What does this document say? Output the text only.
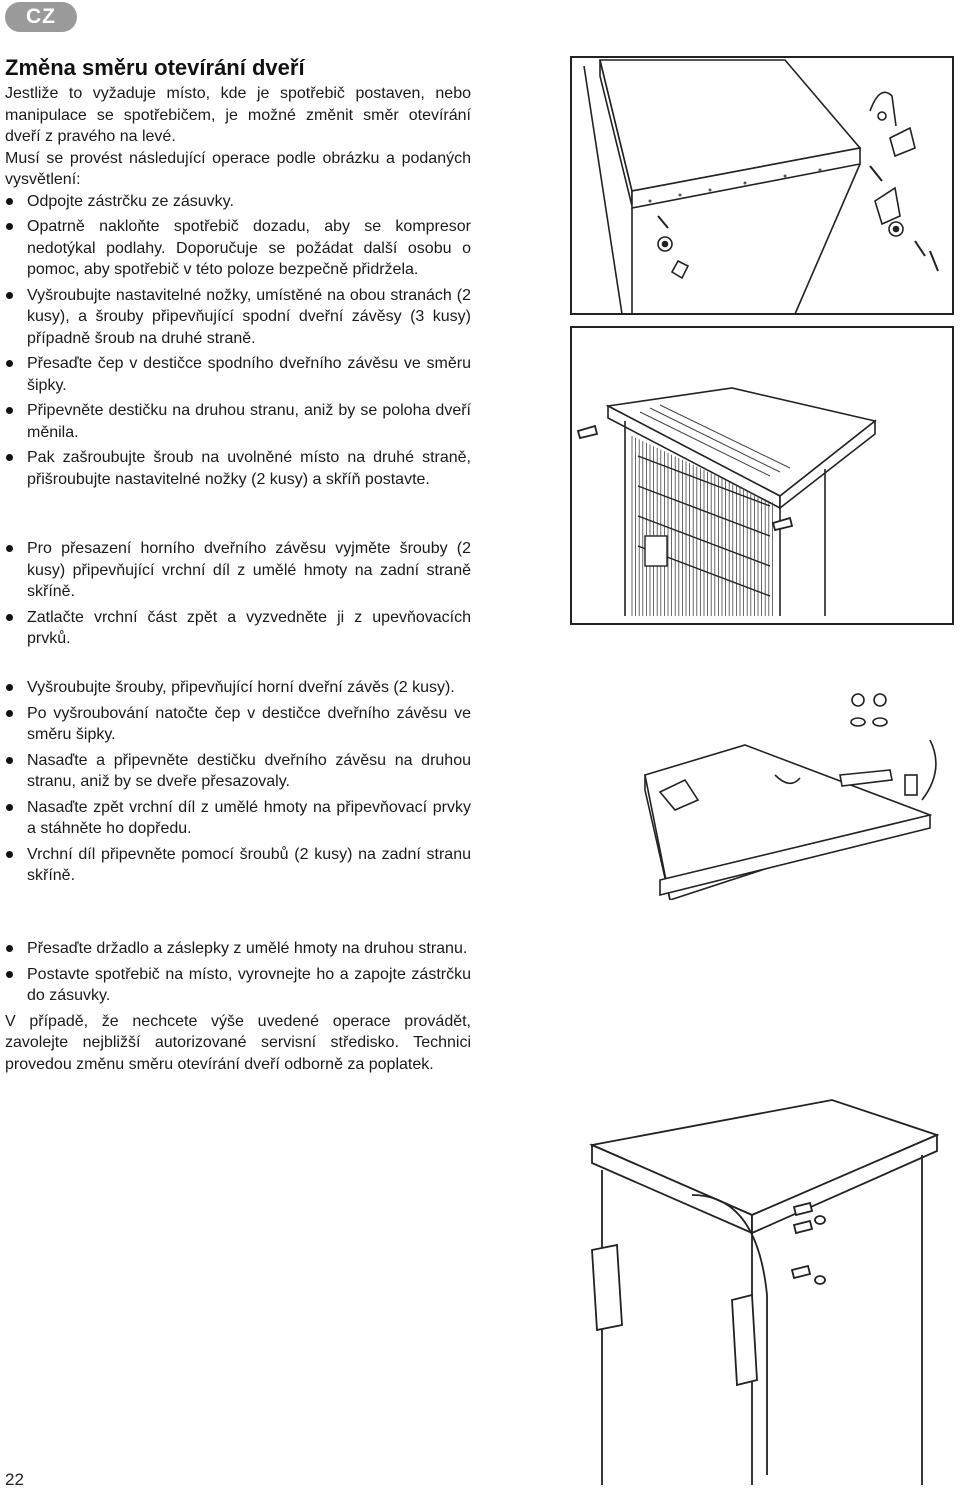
CZ
Změna směru otevírání dveří

Jestliže to vyžaduje místo, kde je spotřebič postaven, nebo manipulace se spotřebičem, je možné změnit směr otevírání dveří z pravého na levé.

Musí se provést následující operace podle obrázku a podaných vysvětlení:

Odpojte zástrčku ze zásuvky.
Opatrně nakloňte spotřebič dozadu, aby se kompresor nedotýkal podlahy. Doporučuje se požádat další osobu o pomoc, aby spotřebič v této poloze bezpečně přidržela.
Vyšroubujte nastavitelné nožky, umístěné na obou stranách (2 kusy), a šrouby připevňující spodní dveřní závěsy (3 kusy) případně šroub na druhé straně.
Přesaďte čep v destičce spodního dveřního závěsu ve směru šipky.
Připevněte destičku na druhou stranu, aniž by se poloha dveří měnila.
Pak zašroubujte šroub na uvolněné místo na druhé straně, přišroubujte nastavitelné nožky (2 kusy) a skříň postavte.
Pro přesazení horního dveřního závěsu vyjměte šrouby (2 kusy) připevňující vrchní díl z umělé hmoty na zadní straně skříně.
Zatlačte vrchní část zpět a vyzvedněte ji z upevňovacích prvků.
Vyšroubujte šrouby, připevňující horní dveřní závěs (2 kusy).
Po vyšroubování natočte čep v destičce dveřního závěsu ve směru šipky.
Nasaďte a připevněte destičku dveřního závěsu na druhou stranu, aniž by se dveře přesazovaly.
Nasaďte zpět vrchní díl z umělé hmoty na připevňovací prvky a stáhněte ho dopředu.
Vrchní díl připevněte pomocí šroubů (2 kusy) na zadní stranu skříně.
Přesaďte držadlo a záslepky z umělé hmoty na druhou stranu.
Postavte spotřebič na místo, vyrovnejte ho a zapojte zástrčku do zásuvky.

V případě, že nechcete výše uvedené operace provádět, zavolejte nejbližší autorizované servisní středisko. Technici provedou změnu směru otevírání dveří odborně za poplatek.

22
